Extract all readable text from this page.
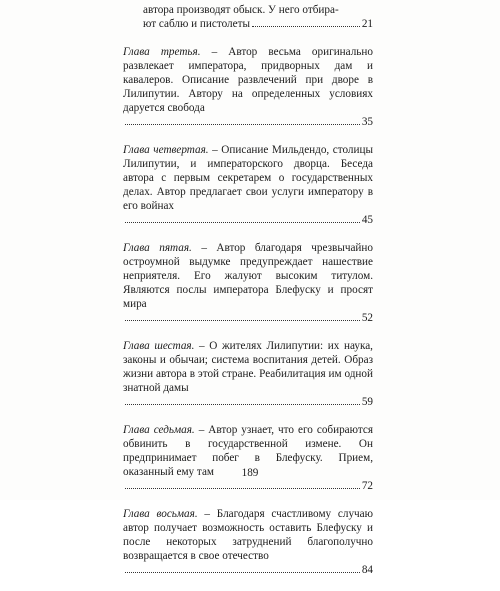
автора производят обыск. У него отбира-
ют саблю и пистолеты	21
Глава третья. – Автор весьма оригинально развлекает императора, придворных дам и кавалеров. Описание развлечений при дворе в Лилипутии. Автору на определенных условиях даруется свобода
35
Глава четвертая. – Описание Мильдендо, столицы Лилипутии, и императорского дворца. Беседа автора с первым секретарем о государственных делах. Автор предлагает свои услуги императору в его войнах
45
Глава пятая. – Автор благодаря чрезвычайно остроумной выдумке предупреждает нашествие неприятеля. Его жалуют высоким титулом. Являются послы императора Блефуску и просят мира
52
Глава шестая. – О жителях Лилипутии: их наука, законы и обычаи; система воспитания детей. Образ жизни автора в этой стране. Реабилитация им одной знатной дамы
59
Глава седьмая. – Автор узнает, что его собираются обвинить в государственной измене. Он предпринимает побег в Блефуску. Прием, оказанный ему там
72
Глава восьмая. – Благодаря счастливому случаю автор получает возможность оставить Блефуску и после некоторых затруднений благополучно возвращается в свое отечество
84
189
